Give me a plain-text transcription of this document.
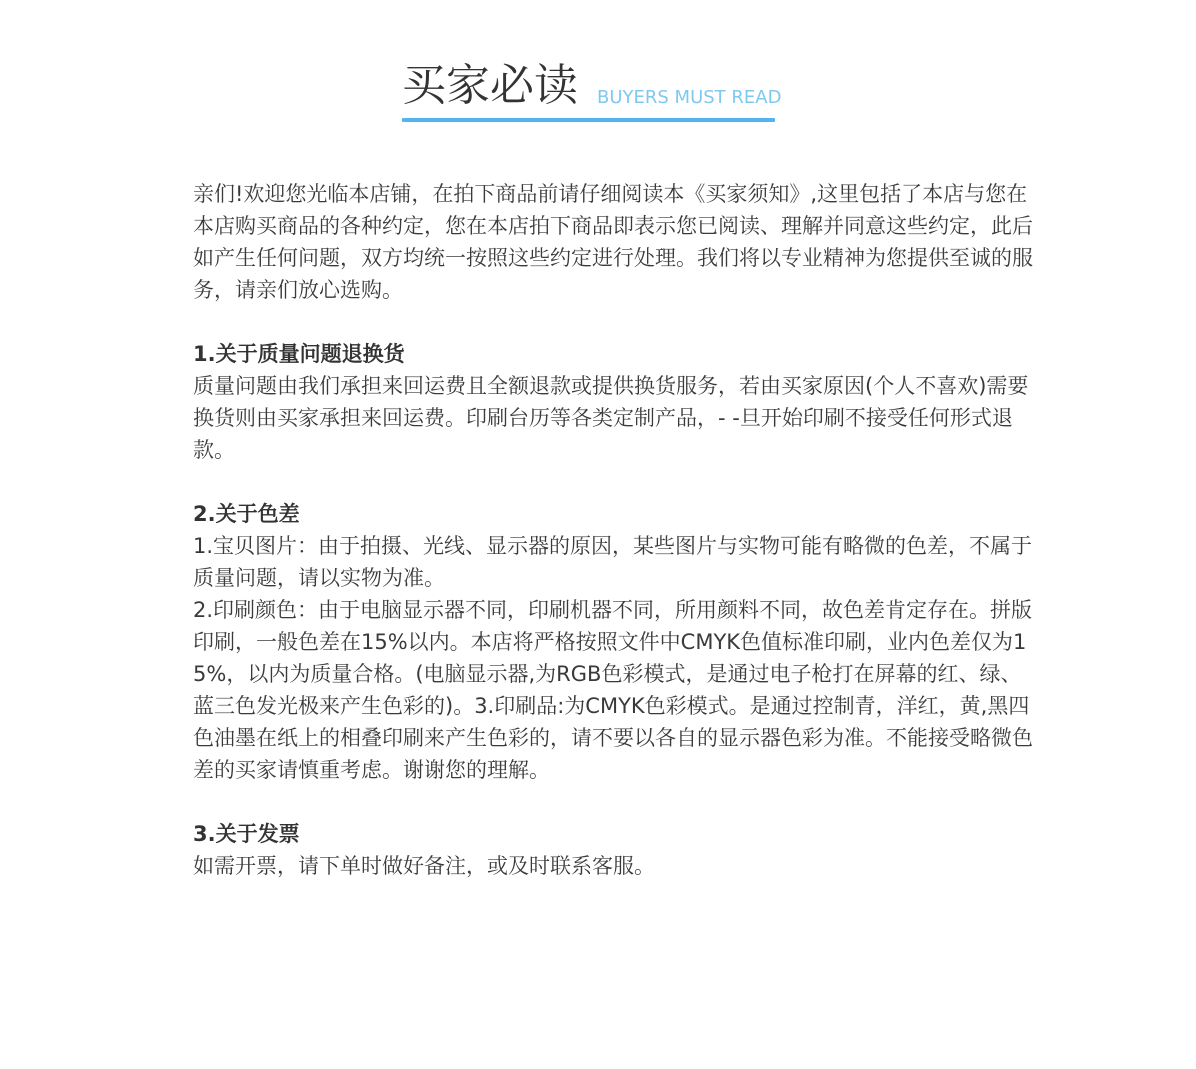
买家必读 BUYERS MUST READ

亲们!欢迎您光临本店铺，在拍下商品前请仔细阅读本《买家须知》,这里包括了本店与您在本店购买商品的各种约定，您在本店拍下商品即表示您已阅读、理解并同意这些约定，此后如产生任何问题，双方均统一按照这些约定进行处理。我们将以专业精神为您提供至诚的服务，请亲们放心选购。

1.关于质量问题退换货

质量问题由我们承担来回运费且全额退款或提供换货服务，若由买家原因(个人不喜欢)需要换货则由买家承担来回运费。印刷台历等各类定制产品，- -旦开始印刷不接受任何形式退款。

2.关于色差

1.宝贝图片：由于拍摄、光线、显示器的原因，某些图片与实物可能有略微的色差，不属于质量问题，请以实物为准。

2.印刷颜色：由于电脑显示器不同，印刷机器不同，所用颜料不同，故色差肯定存在。拼版印刷，一般色差在15%以内。本店将严格按照文件中CMYK色值标准印刷，业内色差仅为15%，以内为质量合格。(电脑显示器,为RGB色彩模式，是通过电子枪打在屏幕的红、绿、蓝三色发光极来产生色彩的)。3.印刷品:为CMYK色彩模式。是通过控制青，洋红，黄,黑四色油墨在纸上的相叠印刷来产生色彩的，请不要以各自的显示器色彩为准。不能接受略微色差的买家请慎重考虑。谢谢您的理解。

3.关于发票

如需开票，请下单时做好备注，或及时联系客服。
